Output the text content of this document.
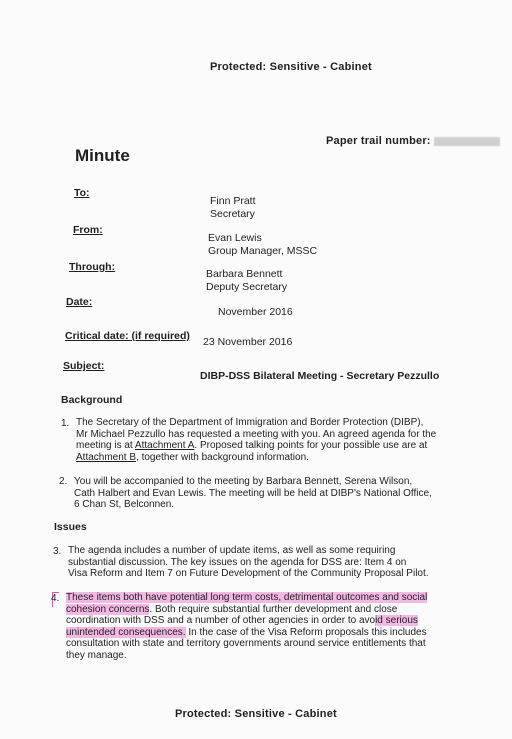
Protected: Sensitive - Cabinet
Paper trail number:
Minute
To:
Finn Pratt
Secretary
From:
Evan Lewis
Group Manager, MSSC
Through:
Barbara Bennett
Deputy Secretary
Date:
November 2016
Critical date: (if required) 23 November 2016
Subject:
DIBP-DSS Bilateral Meeting - Secretary Pezzullo
Background
1. The Secretary of the Department of Immigration and Border Protection (DIBP),
Mr Michael Pezzullo has requested a meeting with you. An agreed agenda for the
meeting is at Attachment A. Proposed talking points for your possible use are at
Attachment B, together with background information.
2. You will be accompanied to the meeting by Barbara Bennett, Serena Wilson,
Cath Halbert and Evan Lewis. The meeting will be held at DIBP's National Office,
6 Chan St, Belconnen.
Issues
3. The agenda includes a number of update items, as well as some requiring
substantial discussion. The key issues on the agenda for DSS are: Item 4 on
Visa Reform and Item 7 on Future Development of the Community Proposal Pilot.
4. These items both have potential long term costs, detrimental outcomes and social
cohesion concerns. Both require substantial further development and close
coordination with DSS and a number of other agencies in order to avoid serious
unintended consequences. In the case of the Visa Reform proposals this includes
consultation with state and territory governments around service entitlements that
they manage.
Protected: Sensitive - Cabinet
